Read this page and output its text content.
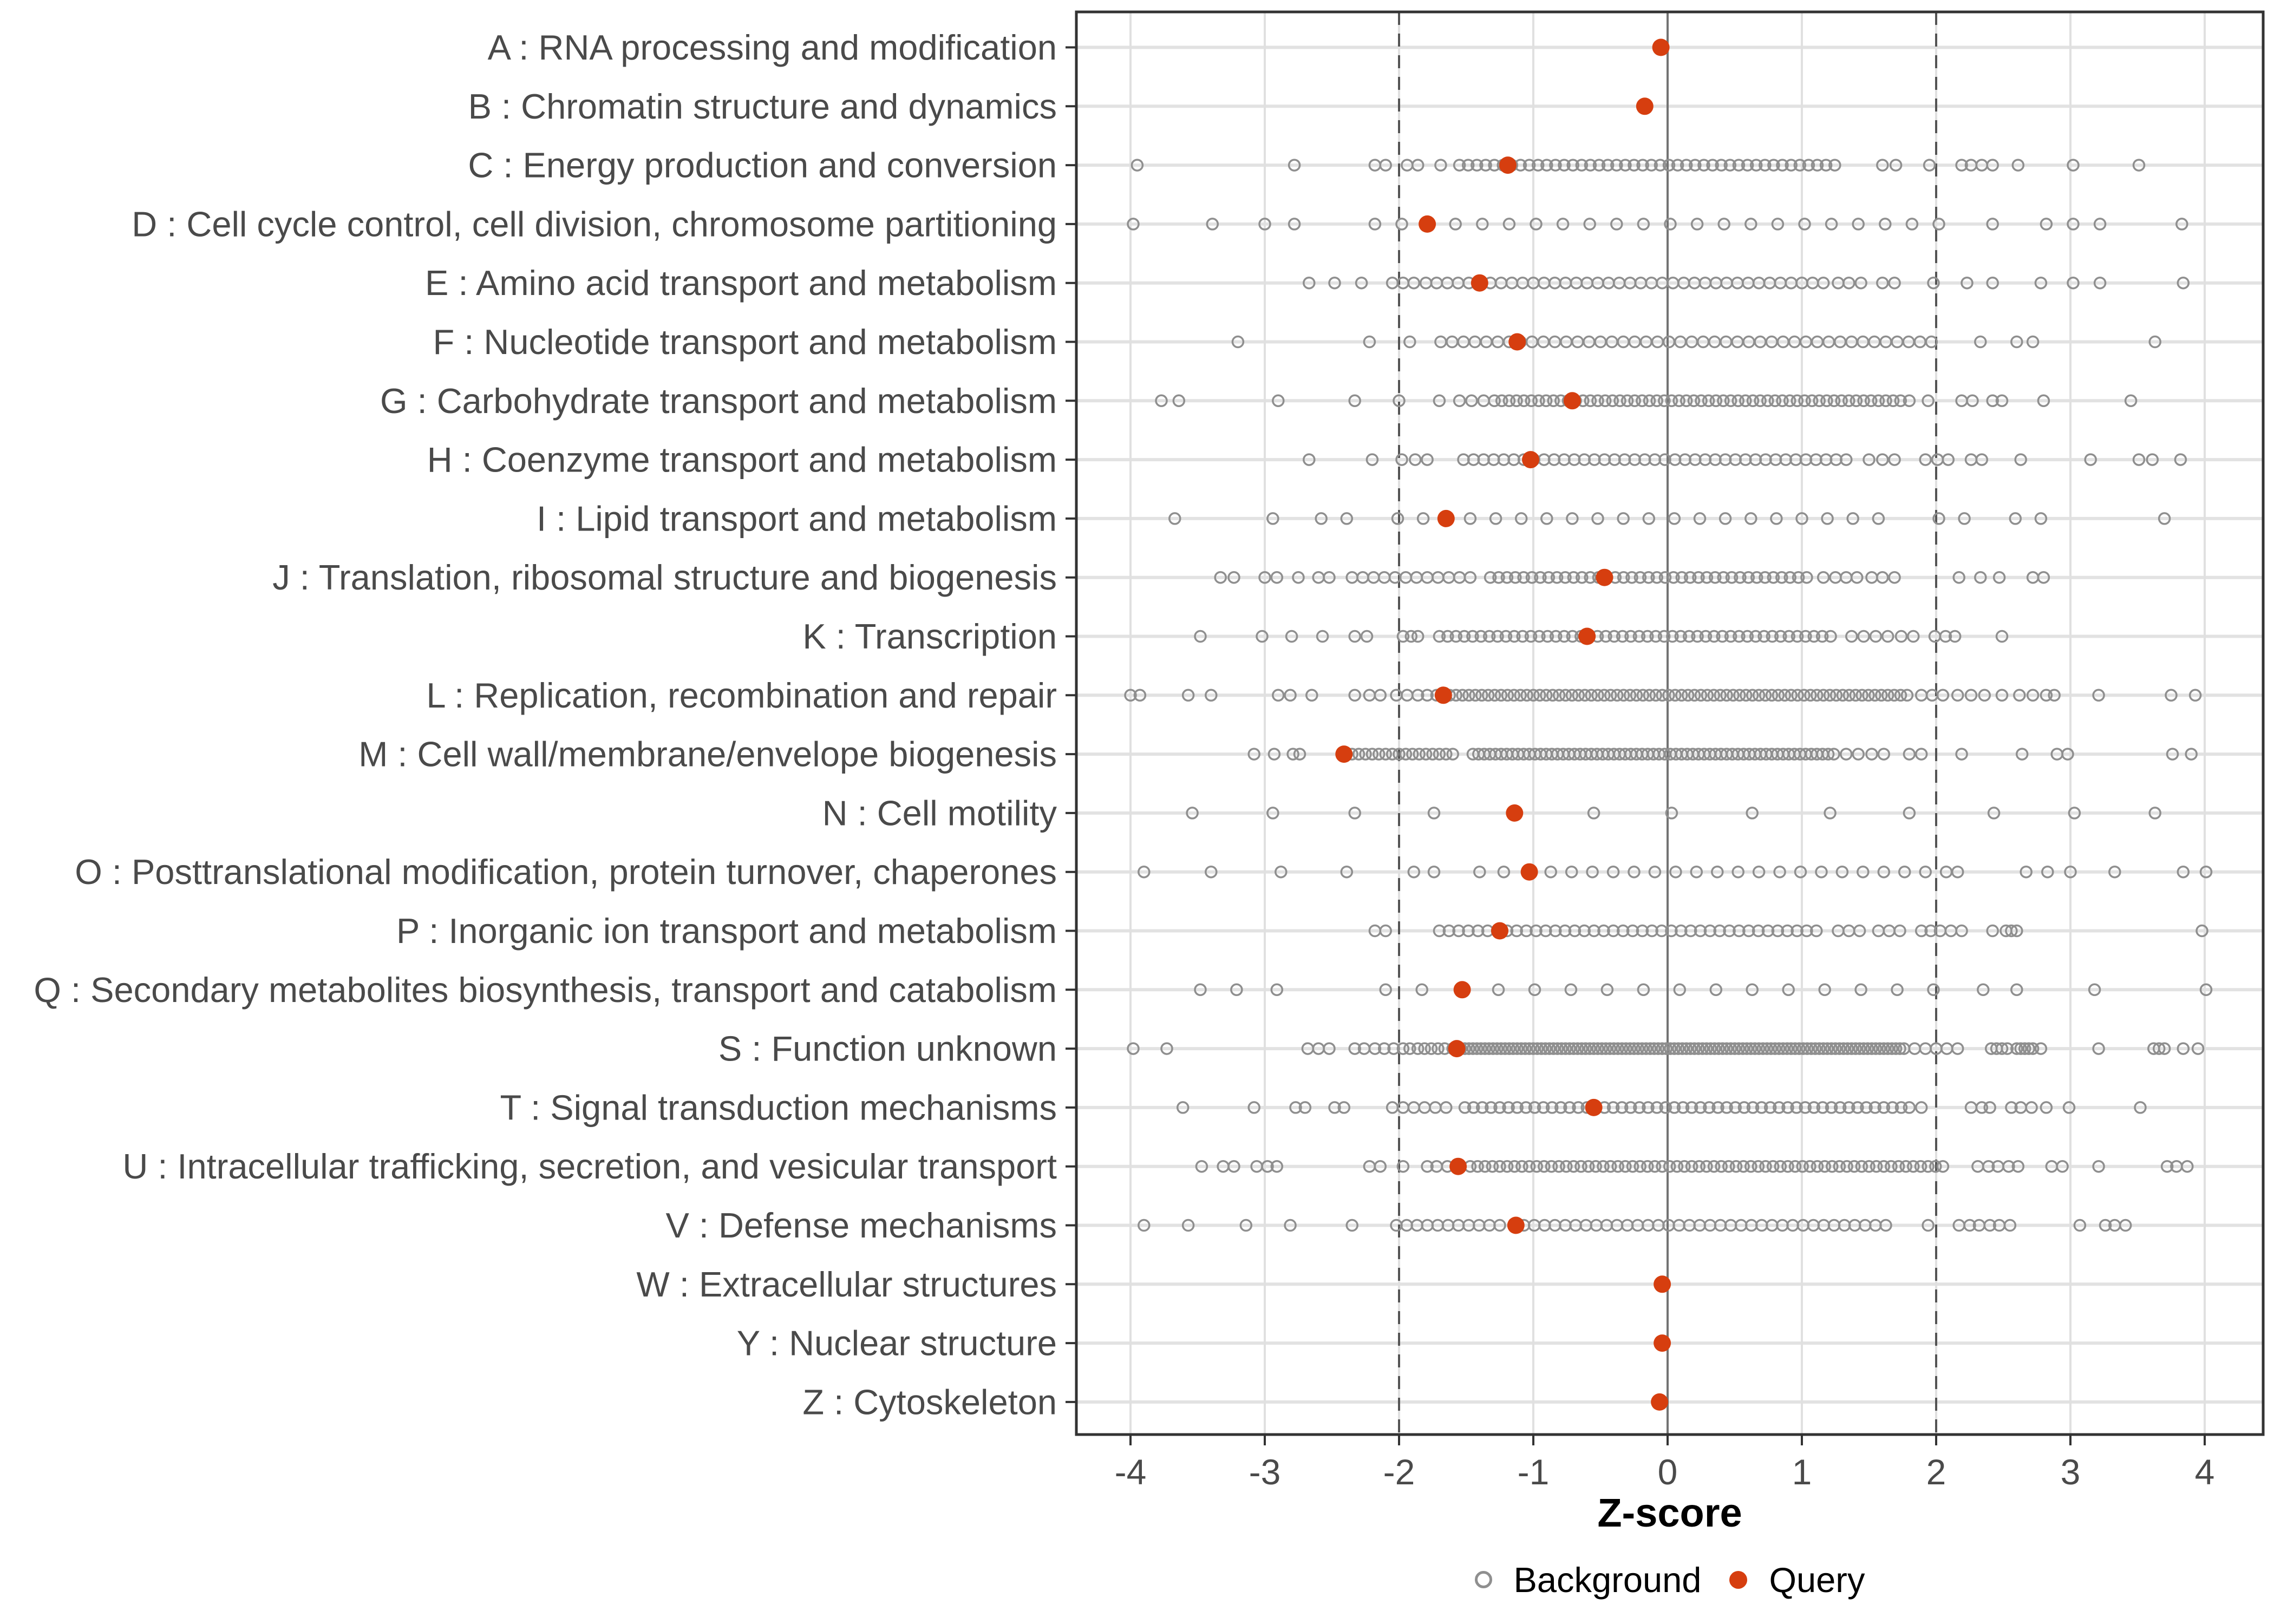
A : RNA processing and modification
B : Chromatin structure and dynamics
C : Energy production and conversion
D : Cell cycle control, cell division, chromosome partitioning
E : Amino acid transport and metabolism
F : Nucleotide transport and metabolism
G : Carbohydrate transport and metabolism
H : Coenzyme transport and metabolism
I : Lipid transport and metabolism
J : Translation, ribosomal structure and biogenesis
K : Transcription
L : Replication, recombination and repair
M : Cell wall/membrane/envelope biogenesis
N : Cell motility
O : Posttranslational modification, protein turnover, chaperones
P : Inorganic ion transport and metabolism
Q : Secondary metabolites biosynthesis, transport and catabolism
S : Function unknown
T : Signal transduction mechanisms
U : Intracellular trafficking, secretion, and vesicular transport
V : Defense mechanisms
W : Extracellular structures
Y : Nuclear structure
Z : Cytoskeleton
-4	-3	-2	-1	0	1	2	3	4
Z-score
Background Query
